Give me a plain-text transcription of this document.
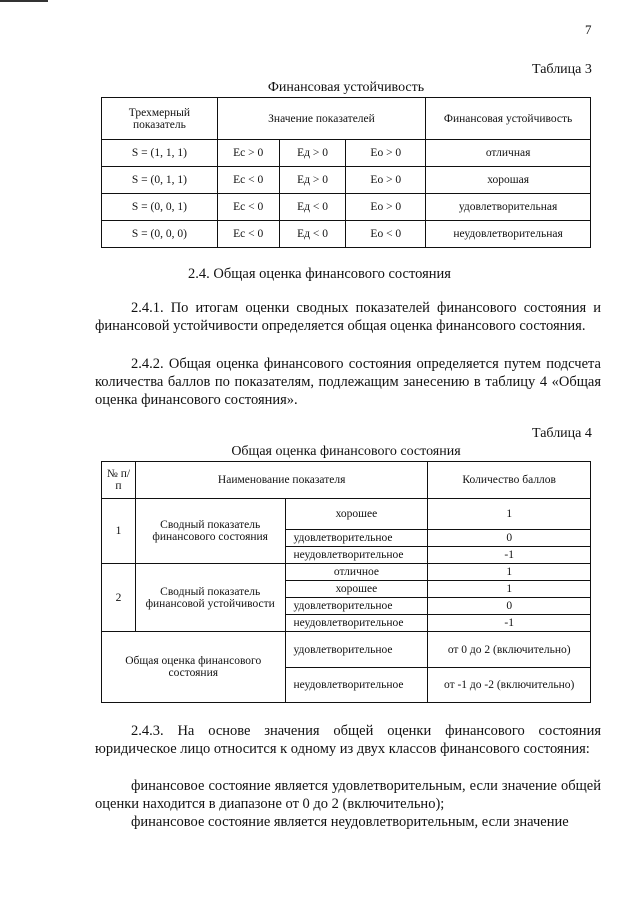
7
Таблица 3
Финансовая устойчивость
Трехмерный показатель	Значение показателей			Финансовая устойчивость
S = (1, 1, 1)	Ес > 0	Ед > 0	Ео > 0	отличная
S = (0, 1, 1)	Ес < 0	Ед > 0	Ео > 0	хорошая
S = (0, 0, 1)	Ес < 0	Ед < 0	Ео > 0	удовлетворительная
S = (0, 0, 0)	Ес < 0	Ед < 0	Ео < 0	неудовлетворительная
2.4. Общая оценка финансового состояния
2.4.1. По итогам оценки сводных показателей финансового состояния и финансовой устойчивости определяется общая оценка финансового состояния.
2.4.2. Общая оценка финансового состояния определяется путем подсчета количества баллов по показателям, подлежащим занесению в таблицу 4 «Общая оценка финансового состояния».
Таблица 4
Общая оценка финансового состояния
№ п/п	Наименование показателя		Количество баллов
1	Сводный показатель финансового состояния	хорошее	1
		удовлетворительное	0
		неудовлетворительное	-1
2	Сводный показатель финансовой устойчивости	отличное	1
		хорошее	1
		удовлетворительное	0
		неудовлетворительное	-1
Общая оценка финансового состояния		удовлетворительное	от 0 до 2 (включительно)
		неудовлетворительное	от -1 до -2 (включительно)
2.4.3. На основе значения общей оценки финансового состояния юридическое лицо относится к одному из двух классов финансового состояния:
финансовое состояние является удовлетворительным, если значение общей оценки находится в диапазоне от 0 до 2 (включительно);
финансовое состояние является неудовлетворительным, если значение
